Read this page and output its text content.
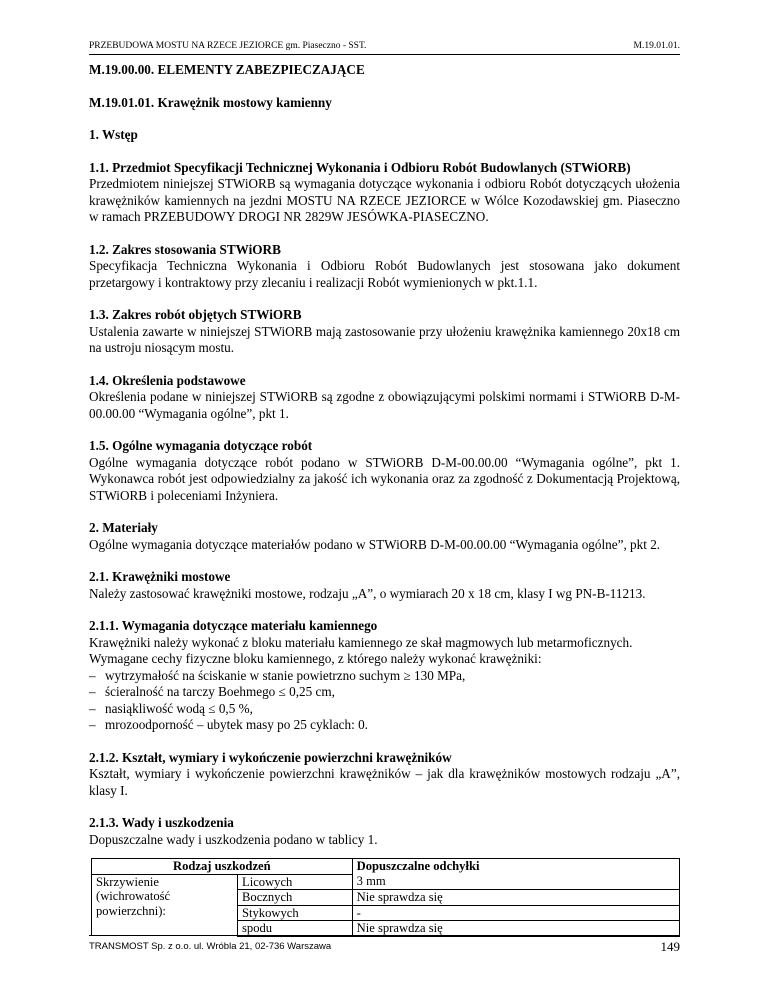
PRZEBUDOWA MOSTU NA RZECE JEZIORCE gm. Piaseczno - SST.	M.19.01.01.

M.19.00.00. ELEMENTY ZABEZPIECZAJĄCE

M.19.01.01. Krawężnik mostowy kamienny

1. Wstęp

1.1. Przedmiot Specyfikacji Technicznej Wykonania i Odbioru Robót Budowlanych (STWiORB)

Przedmiotem niniejszej STWiORB są wymagania dotyczące wykonania i odbioru Robót dotyczących ułożenia krawężników kamiennych na jezdni MOSTU NA RZECE JEZIORCE w Wólce Kozodawskiej gm. Piaseczno w ramach PRZEBUDOWY DROGI NR 2829W JESÓWKA-PIASECZNO.

1.2. Zakres stosowania STWiORB

Specyfikacja Techniczna Wykonania i Odbioru Robót Budowlanych jest stosowana jako dokument przetargowy i kontraktowy przy zlecaniu i realizacji Robót wymienionych w pkt.1.1.

1.3. Zakres robót objętych STWiORB

Ustalenia zawarte w niniejszej STWiORB mają zastosowanie przy ułożeniu krawężnika kamiennego 20x18 cm na ustroju niosącym mostu.

1.4. Określenia podstawowe

Określenia podane w niniejszej STWiORB są zgodne z obowiązującymi polskimi normami i STWiORB D-M-00.00.00 “Wymagania ogólne”, pkt 1.

1.5. Ogólne wymagania dotyczące robót

Ogólne wymagania dotyczące robót podano w STWiORB D-M-00.00.00 “Wymagania ogólne”, pkt 1. Wykonawca robót jest odpowiedzialny za jakość ich wykonania oraz za zgodność z Dokumentacją Projektową, STWiORB i poleceniami Inżyniera.

2. Materiały

Ogólne wymagania dotyczące materiałów podano w STWiORB D-M-00.00.00 “Wymagania ogólne”, pkt 2.

2.1. Krawężniki mostowe

Należy zastosować krawężniki mostowe, rodzaju „A”, o wymiarach 20 x 18 cm, klasy I wg PN-B-11213.

2.1.1. Wymagania dotyczące materiału kamiennego

Krawężniki należy wykonać z bloku materiału kamiennego ze skał magmowych lub metarmoficznych.

Wymagane cechy fizyczne bloku kamiennego, z którego należy wykonać krawężniki:

– wytrzymałość na ściskanie w stanie powietrzno suchym ≥ 130 MPa,
– ścieralność na tarczy Boehmego ≤ 0,25 cm,
– nasiąkliwość wodą ≤ 0,5 %,
– mrozoodporność – ubytek masy po 25 cyklach: 0.

2.1.2. Kształt, wymiary i wykończenie powierzchni krawężników

Kształt, wymiary i wykończenie powierzchni krawężników – jak dla krawężników mostowych rodzaju „A”, klasy I.

2.1.3. Wady i uszkodzenia

Dopuszczalne wady i uszkodzenia podano w tablicy 1.

Rodzaj uszkodzeń		Dopuszczalne odchyłki

Skrzywienie
(wichrowatość
powierzchni):	Licowych	3 mm
	Bocznych	Nie sprawdza się
	Stykowych	-
	spodu	Nie sprawdza się
TRANSMOST Sp. z o.o. ul. Wróbla 21, 02-736 Warszawa	149
